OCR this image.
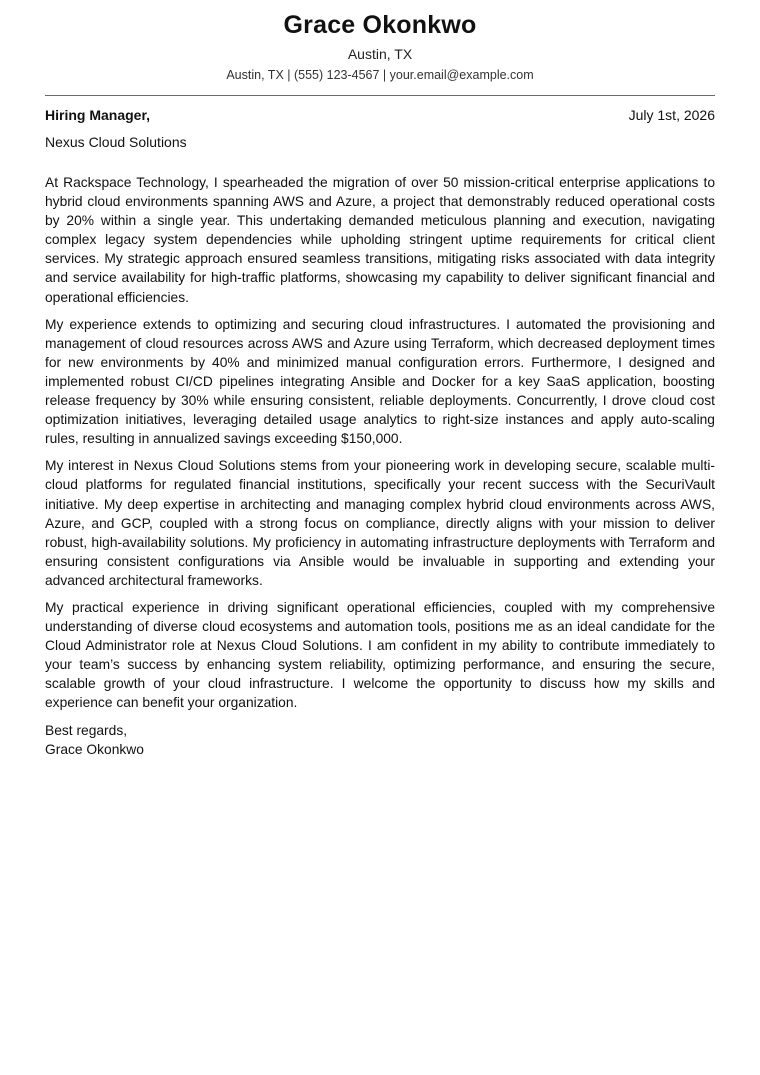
Grace Okonkwo
Austin, TX
Austin, TX | (555) 123-4567 | your.email@example.com
Hiring Manager,	July 1st, 2026
Nexus Cloud Solutions

At Rackspace Technology, I spearheaded the migration of over 50 mission-critical enterprise applications to hybrid cloud environments spanning AWS and Azure, a project that demonstrably reduced operational costs by 20% within a single year. This undertaking demanded meticulous planning and execution, navigating complex legacy system dependencies while upholding stringent uptime requirements for critical client services. My strategic approach ensured seamless transitions, mitigating risks associated with data integrity and service availability for high-traffic platforms, showcasing my capability to deliver significant financial and operational efficiencies.

My experience extends to optimizing and securing cloud infrastructures. I automated the provisioning and management of cloud resources across AWS and Azure using Terraform, which decreased deployment times for new environments by 40% and minimized manual configuration errors. Furthermore, I designed and implemented robust CI/CD pipelines integrating Ansible and Docker for a key SaaS application, boosting release frequency by 30% while ensuring consistent, reliable deployments. Concurrently, I drove cloud cost optimization initiatives, leveraging detailed usage analytics to right-size instances and apply auto-scaling rules, resulting in annualized savings exceeding $150,000.

My interest in Nexus Cloud Solutions stems from your pioneering work in developing secure, scalable multi-cloud platforms for regulated financial institutions, specifically your recent success with the SecuriVault initiative. My deep expertise in architecting and managing complex hybrid cloud environments across AWS, Azure, and GCP, coupled with a strong focus on compliance, directly aligns with your mission to deliver robust, high-availability solutions. My proficiency in automating infrastructure deployments with Terraform and ensuring consistent configurations via Ansible would be invaluable in supporting and extending your advanced architectural frameworks.

My practical experience in driving significant operational efficiencies, coupled with my comprehensive understanding of diverse cloud ecosystems and automation tools, positions me as an ideal candidate for the Cloud Administrator role at Nexus Cloud Solutions. I am confident in my ability to contribute immediately to your team’s success by enhancing system reliability, optimizing performance, and ensuring the secure, scalable growth of your cloud infrastructure. I welcome the opportunity to discuss how my skills and experience can benefit your organization.

Best regards,
Grace Okonkwo
